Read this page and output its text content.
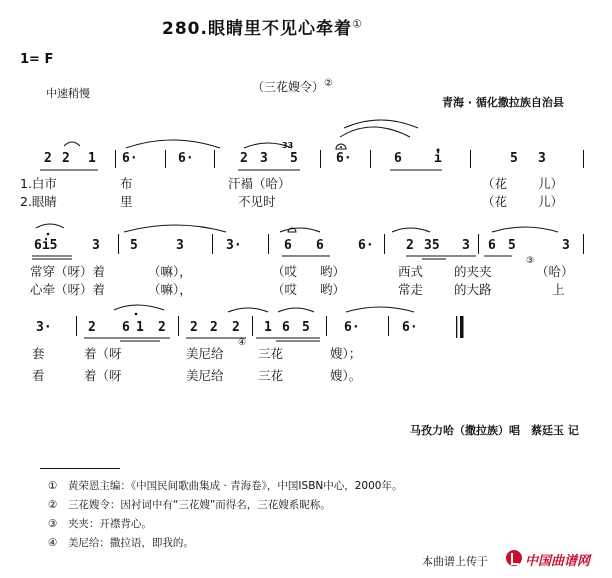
280.眼睛里不见心牵着①
1= F
中速稍慢	（三花嫂令）②
青海 · 循化撒拉族自治县
2 2 1 6·	6·	2 3
33
5	6·	6 i	5 3
1.白市	布	汗褟（哈）	（花 儿）
2.眼睛	里	不见时	（花 儿）
6i5	3 5	3	3·	6 6	6· 2 35 3 6 5	3
常穿（呀）着	（嘛），	（哎 哟）	西式 的夹夹
③
（哈）
心牵（呀）着	（嘛），	（哎 哟）	常走 的大路	上
3·	2 6 1 2 2 2 2 1 6 5	6·	6·
套	着（呀	美尼给
④
三花	嫂）；
看	着（呀	美尼给	三花	嫂）。
马孜力哈（撒拉族）唱　蔡廷玉 记
①　 黄荣恩主编：《中国民间歌曲集成 · 青海卷》，中国ISBN中心，2000年。
②　 三花嫂令：因衬词中有“三花嫂”而得名，三花嫂系昵称。
③　 夹夹：开襟背心。
④　 美尼给：撒拉语，即我的。
本曲谱上传于	中国曲谱网
